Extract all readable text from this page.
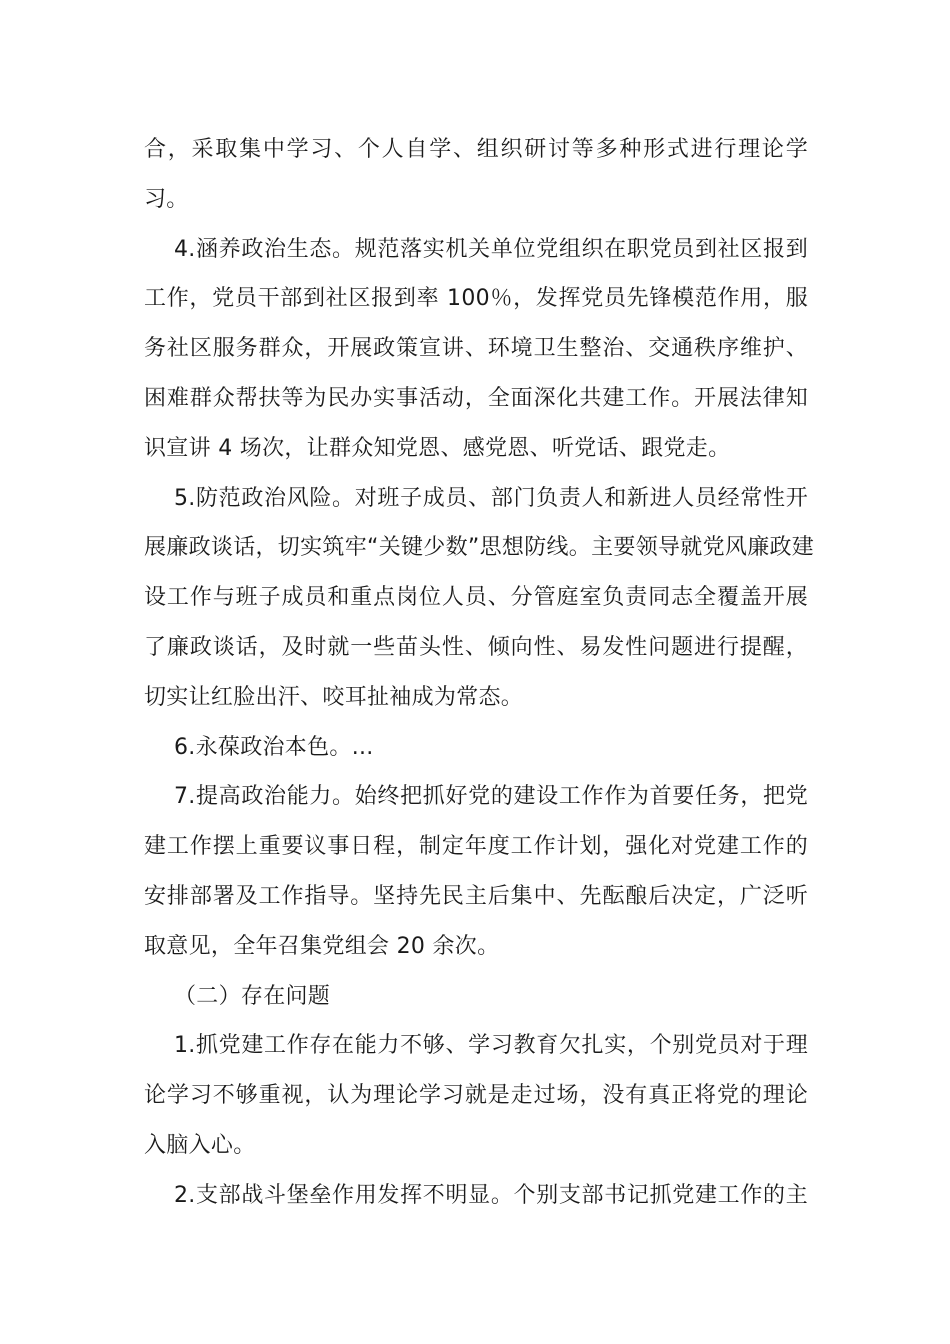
合，采取集中学习、个人自学、组织研讨等多种形式进行理论学
习。
4.涵养政治生态。规范落实机关单位党组织在职党员到社区报到
工作，党员干部到社区报到率 100％，发挥党员先锋模范作用，服
务社区服务群众，开展政策宣讲、环境卫生整治、交通秩序维护、
困难群众帮扶等为民办实事活动，全面深化共建工作。开展法律知
识宣讲 4 场次，让群众知党恩、感党恩、听党话、跟党走。
5.防范政治风险。对班子成员、部门负责人和新进人员经常性开
展廉政谈话，切实筑牢“关键少数”思想防线。主要领导就党风廉政建
设工作与班子成员和重点岗位人员、分管庭室负责同志全覆盖开展
了廉政谈话，及时就一些苗头性、倾向性、易发性问题进行提醒，
切实让红脸出汗、咬耳扯袖成为常态。
6.永葆政治本色。...
7.提高政治能力。始终把抓好党的建设工作作为首要任务，把党
建工作摆上重要议事日程，制定年度工作计划，强化对党建工作的
安排部署及工作指导。坚持先民主后集中、先酝酿后决定，广泛听
取意见，全年召集党组会 20 余次。
（二）存在问题
1.抓党建工作存在能力不够、学习教育欠扎实，个别党员对于理
论学习不够重视，认为理论学习就是走过场，没有真正将党的理论
入脑入心。
2.支部战斗堡垒作用发挥不明显。个别支部书记抓党建工作的主
